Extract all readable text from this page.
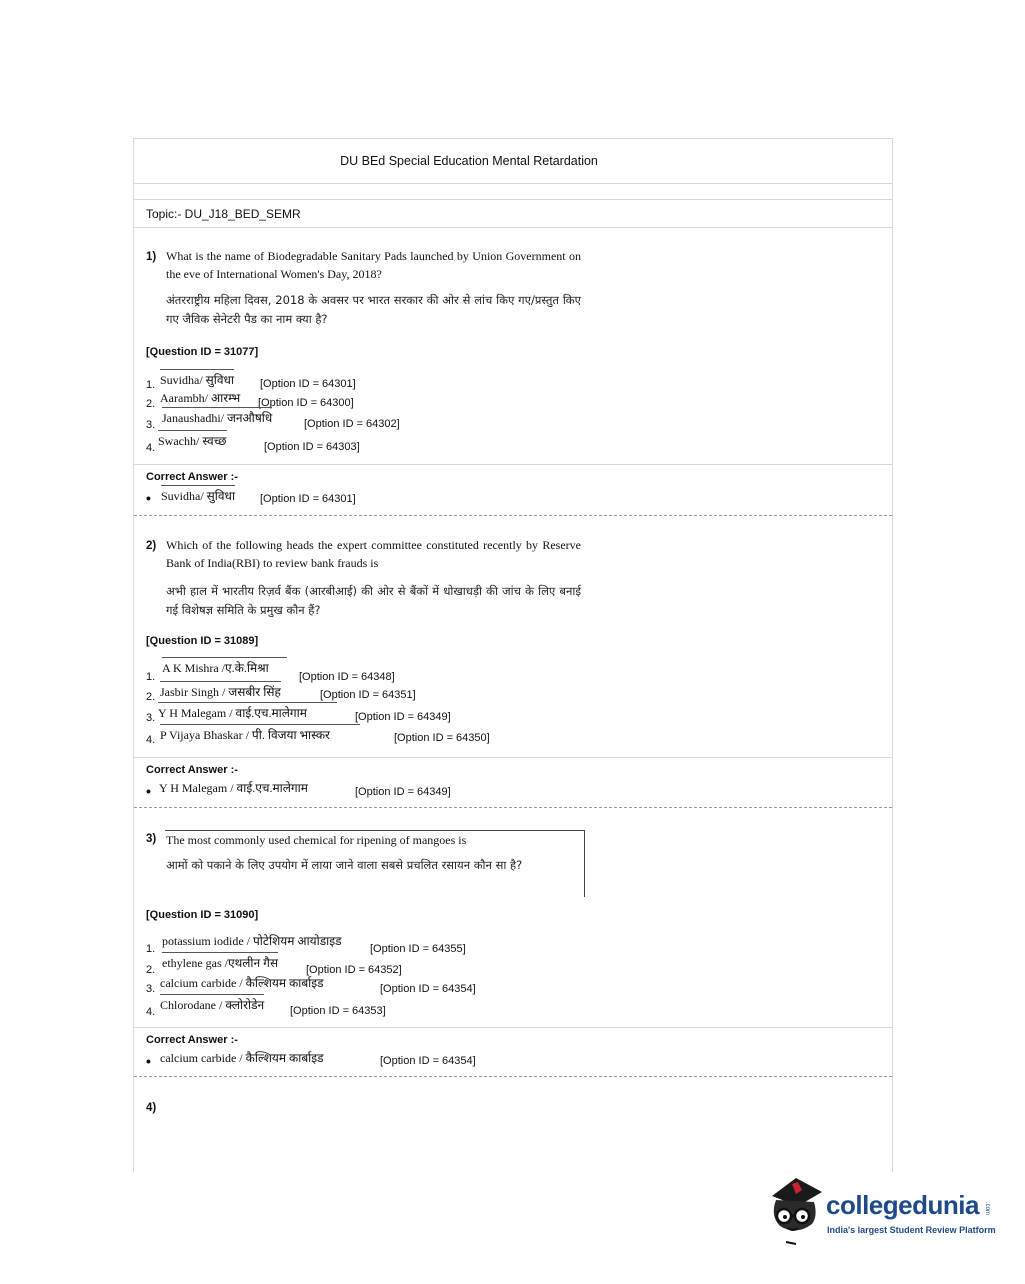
DU BEd Special Education Mental Retardation
Topic:- DU_J18_BED_SEMR
1) What is the name of Biodegradable Sanitary Pads launched by Union Government on the eve of International Women's Day, 2018?
अंतरराष्ट्रीय महिला दिवस, 2018 के अवसर पर भारत सरकार की ओर से लांच किए गए/प्रस्तुत किए गए जैविक सेनेटरी पैड का नाम क्या है?
[Question ID = 31077]
1. Suvidha/ सुविधा [Option ID = 64301]
2. Aarambh/ आरम्भ [Option ID = 64300]
3. Janaushadhi/ जनऔषधि	[Option ID = 64302]
4. Swachh/ स्वच्छ	[Option ID = 64303]
Correct Answer :-
• Suvidha/ सुविधा [Option ID = 64301]
2) Which of the following heads the expert committee constituted recently by Reserve Bank of India(RBI) to review bank frauds is
अभी हाल में भारतीय रिज़र्व बैंक (आरबीआई) की ओर से बैंकों में धोखाधड़ी की जांच के लिए बनाई गई विशेषज्ञ समिति के प्रमुख कौन हैं?
[Question ID = 31089]
1.
A K Mishra /ए.के.मिश्रा
[Option ID = 64348]
2. Jasbir Singh / जसबीर सिंह	[Option ID = 64351]
3. Y H Malegam / वाई.एच.मालेगाम	[Option ID = 64349]
4. P Vijaya Bhaskar / पी. विजया भास्कर	[Option ID = 64350]
Correct Answer :-
• Y H Malegam / वाई.एच.मालेगाम	[Option ID = 64349]
3) The most commonly used chemical for ripening of mangoes is
आमों को पकाने के लिए उपयोग में लाया जाने वाला सबसे प्रचलित रसायन कौन सा है?
[Question ID = 31090]
1.
potassium iodide / पोटेशियम आयोडाइड
[Option ID = 64355]
2. ethylene gas /एथलीन गैस	[Option ID = 64352]
3. calcium carbide / कैल्शियम कार्बाइड	[Option ID = 64354]
4. Chlorodane / क्लोरोडेन [Option ID = 64353]
Correct Answer :-
• calcium carbide / कैल्शियम कार्बाइड	[Option ID = 64354]
4)
collegedunia .com
India's largest Student Review Platform
